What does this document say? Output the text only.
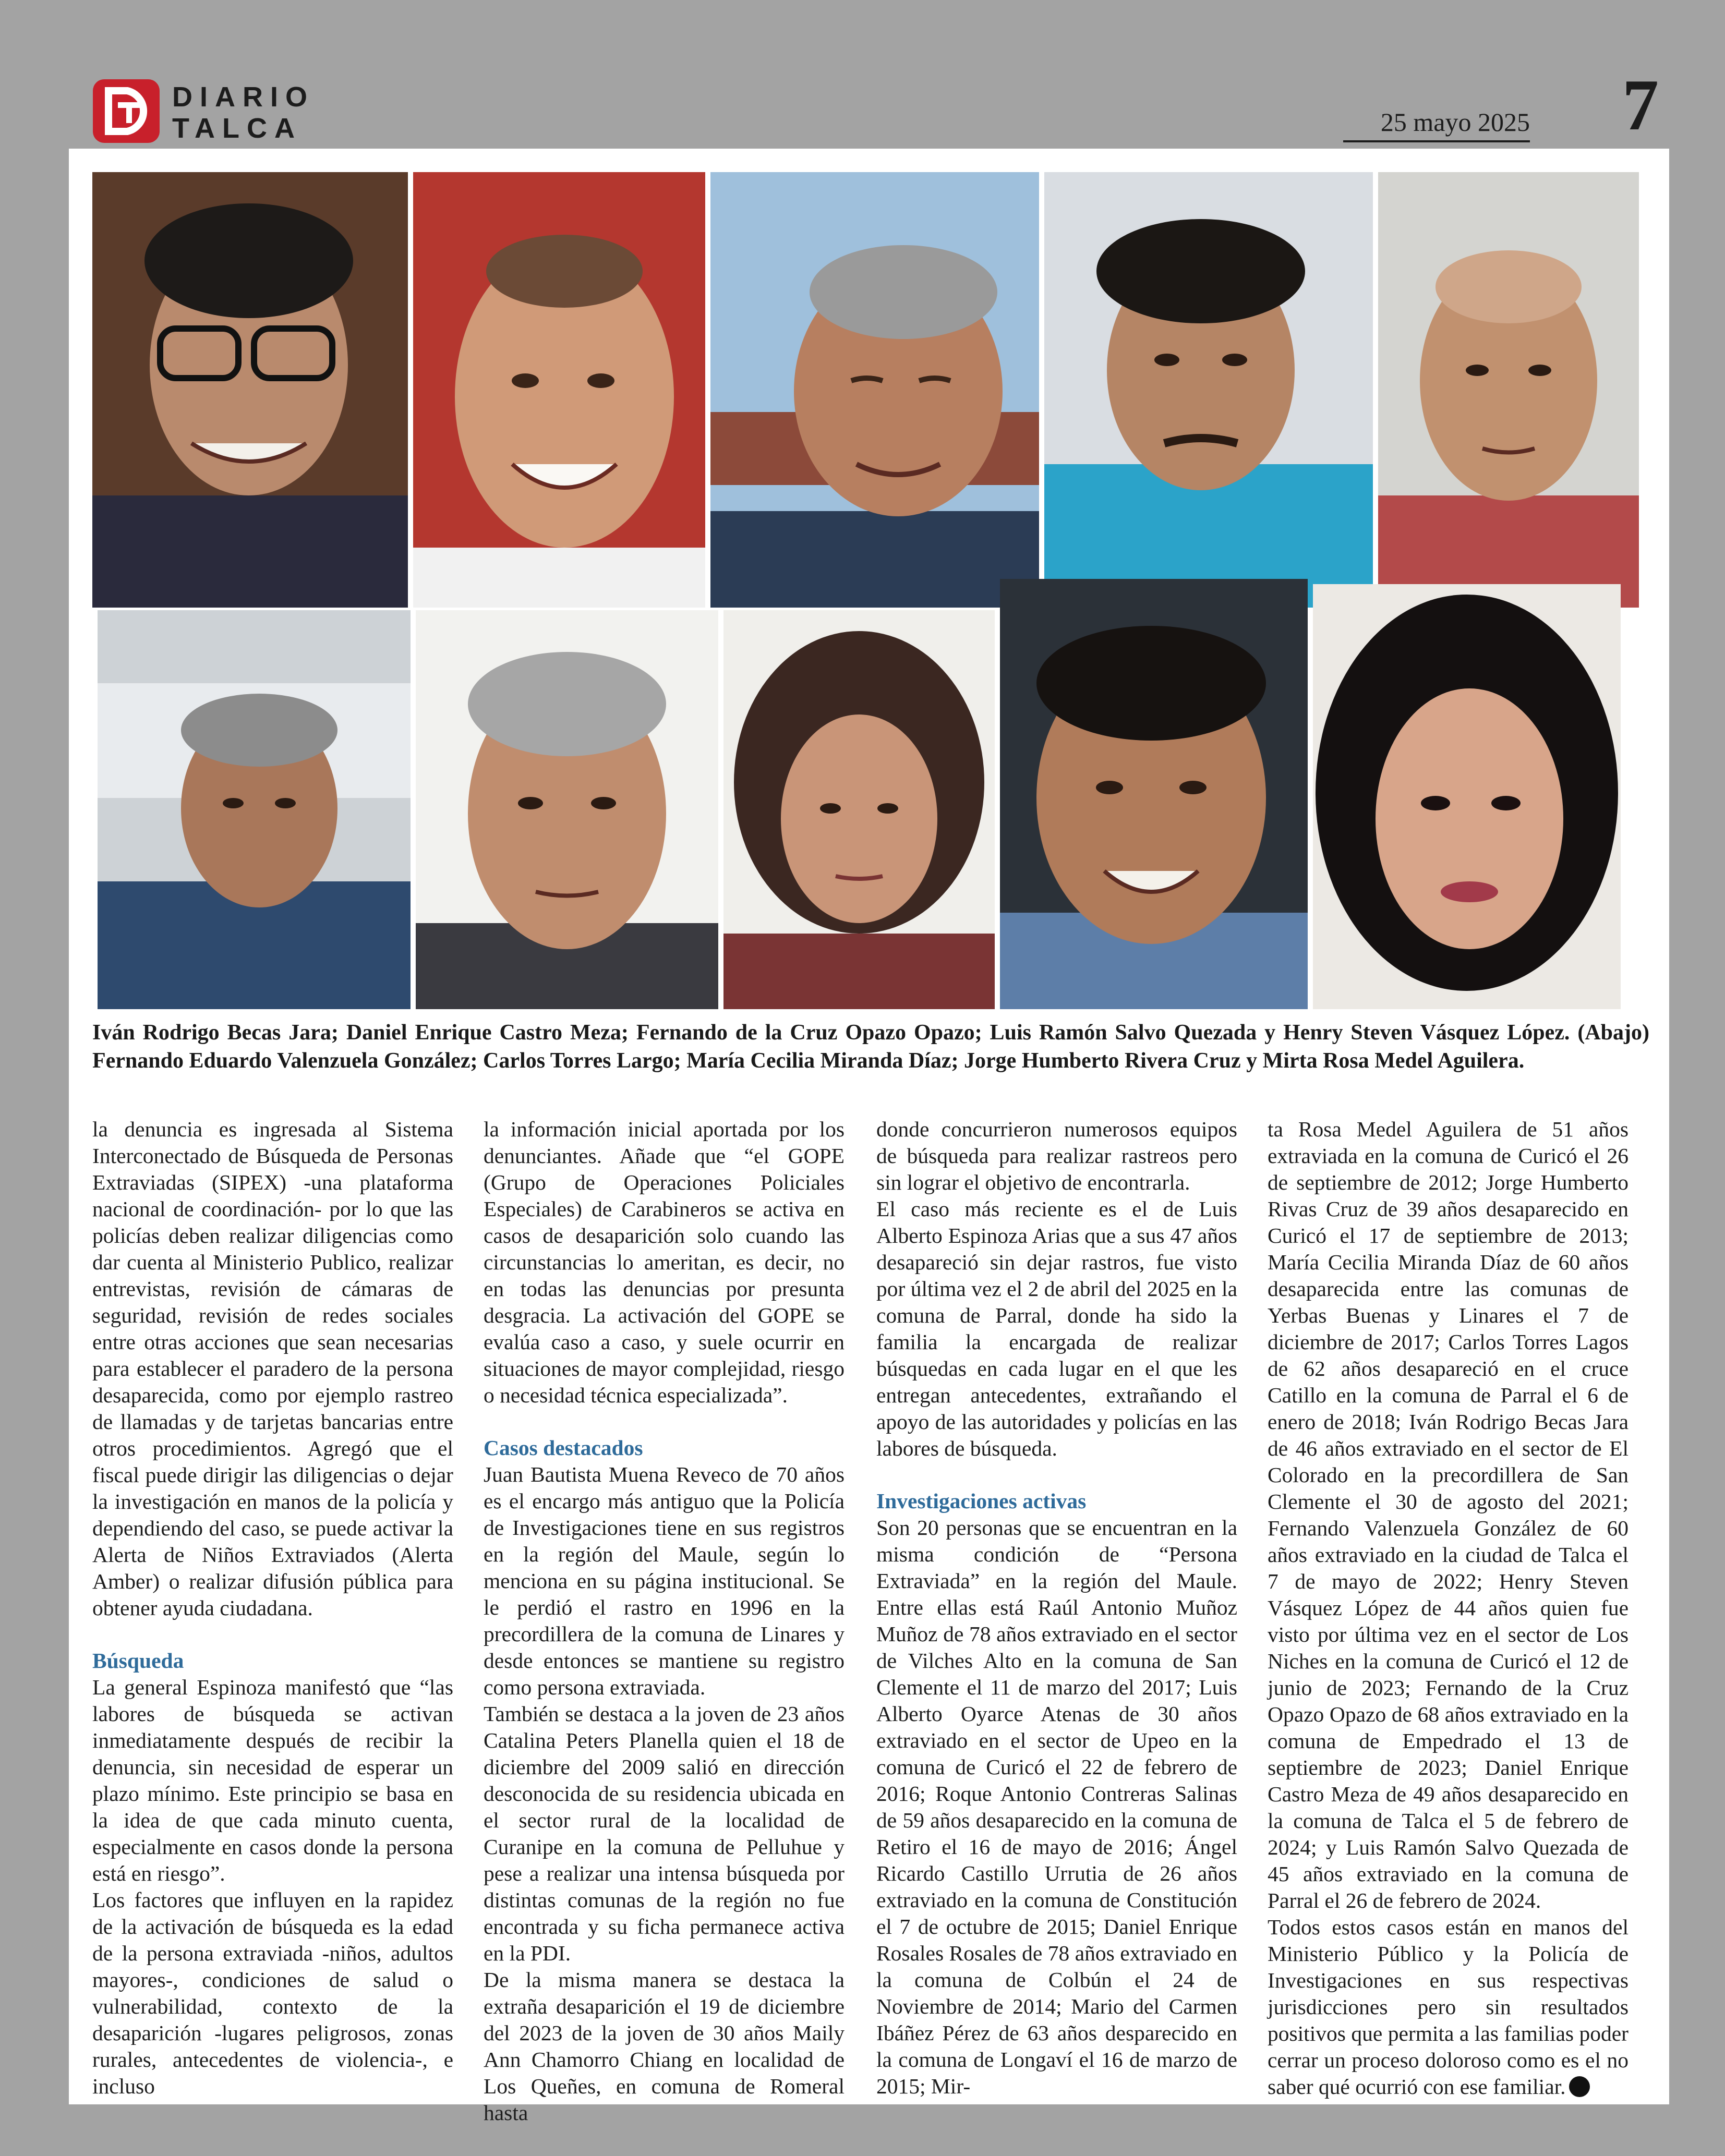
DIARIO
TALCA	25 mayo 2025	7
Iván Rodrigo Becas Jara; Daniel Enrique Castro Meza; Fernando de la Cruz Opazo Opazo; Luis Ramón Salvo Quezada y Henry Steven Vásquez López. (Abajo) Fernando Eduardo Valenzuela González; Carlos Torres Largo; María Cecilia Miranda Díaz; Jorge Humberto Rivera Cruz y Mirta Rosa Medel Aguilera.

la denuncia es ingresada al Sistema Interconectado de Búsqueda de Personas Extraviadas (SIPEX) -una plataforma nacional de coordinación- por lo que las policías deben realizar diligencias como dar cuenta al Ministerio Publico, realizar entrevistas, revisión de cámaras de seguridad, revisión de redes sociales entre otras acciones que sean necesarias para establecer el paradero de la persona desaparecida, como por ejemplo rastreo de llamadas y de tarjetas bancarias entre otros procedimientos. Agregó que el fiscal puede dirigir las diligencias o dejar la investigación en manos de la policía y dependiendo del caso, se puede activar la Alerta de Niños Extraviados (Alerta Amber) o realizar difusión pública para obtener ayuda ciudadana.

Búsqueda

La general Espinoza manifestó que “las labores de búsqueda se activan inmediatamente después de recibir la denuncia, sin necesidad de esperar un plazo mínimo. Este principio se basa en la idea de que cada minuto cuenta, especialmente en casos donde la persona está en riesgo”.

Los factores que influyen en la rapidez de la activación de búsqueda es la edad de la persona extraviada -niños, adultos mayores-, condiciones de salud o vulnerabilidad, contexto de la desaparición -lugares peligrosos, zonas rurales, antecedentes de violencia-, e incluso

la información inicial aportada por los denunciantes. Añade que “el GOPE (Grupo de Operaciones Policiales Especiales) de Carabineros se activa en casos de desaparición solo cuando las circunstancias lo ameritan, es decir, no en todas las denuncias por presunta desgracia. La activación del GOPE se evalúa caso a caso, y suele ocurrir en situaciones de mayor complejidad, riesgo o necesidad técnica especializada”.

Casos destacados

Juan Bautista Muena Reveco de 70 años es el encargo más antiguo que la Policía de Investigaciones tiene en sus registros en la región del Maule, según lo menciona en su página institucional. Se le perdió el rastro en 1996 en la precordillera de la comuna de Linares y desde entonces se mantiene su registro como persona extraviada.

También se destaca a la joven de 23 años Catalina Peters Planella quien el 18 de diciembre del 2009 salió en dirección desconocida de su residencia ubicada en el sector rural de la localidad de Curanipe en la comuna de Pelluhue y pese a realizar una intensa búsqueda por distintas comunas de la región no fue encontrada y su ficha permanece activa en la PDI.

De la misma manera se destaca la extraña desaparición el 19 de diciembre del 2023 de la joven de 30 años Maily Ann Chamorro Chiang en localidad de Los Queñes, en comuna de Romeral hasta

donde concurrieron numerosos equipos de búsqueda para realizar rastreos pero sin lograr el objetivo de encontrarla.

El caso más reciente es el de Luis Alberto Espinoza Arias que a sus 47 años desapareció sin dejar rastros, fue visto por última vez el 2 de abril del 2025 en la comuna de Parral, donde ha sido la familia la encargada de realizar búsquedas en cada lugar en el que les entregan antecedentes, extrañando el apoyo de las autoridades y policías en las labores de búsqueda.

Investigaciones activas

Son 20 personas que se encuentran en la misma condición de “Persona Extraviada” en la región del Maule. Entre ellas está Raúl Antonio Muñoz Muñoz de 78 años extraviado en el sector de Vilches Alto en la comuna de San Clemente el 11 de marzo del 2017; Luis Alberto Oyarce Atenas de 30 años extraviado en el sector de Upeo en la comuna de Curicó el 22 de febrero de 2016; Roque Antonio Contreras Salinas de 59 años desaparecido en la comuna de Retiro el 16 de mayo de 2016; Ángel Ricardo Castillo Urrutia de 26 años extraviado en la comuna de Constitución el 7 de octubre de 2015; Daniel Enrique Rosales Rosales de 78 años extraviado en la comuna de Colbún el 24 de Noviembre de 2014; Mario del Carmen Ibáñez Pérez de 63 años desparecido en la comuna de Longaví el 16 de marzo de 2015; Mir-

ta Rosa Medel Aguilera de 51 años extraviada en la comuna de Curicó el 26 de septiembre de 2012; Jorge Humberto Rivas Cruz de 39 años desaparecido en Curicó el 17 de septiembre de 2013; María Cecilia Miranda Díaz de 60 años desaparecida entre las comunas de Yerbas Buenas y Linares el 7 de diciembre de 2017; Carlos Torres Lagos de 62 años desapareció en el cruce Catillo en la comuna de Parral el 6 de enero de 2018; Iván Rodrigo Becas Jara de 46 años extraviado en el sector de El Colorado en la precordillera de San Clemente el 30 de agosto del 2021; Fernando Valenzuela González de 60 años extraviado en la ciudad de Talca el 7 de mayo de 2022; Henry Steven Vásquez López de 44 años quien fue visto por última vez en el sector de Los Niches en la comuna de Curicó el 12 de junio de 2023; Fernando de la Cruz Opazo Opazo de 68 años extraviado en la comuna de Empedrado el 13 de septiembre de 2023; Daniel Enrique Castro Meza de 49 años desaparecido en la comuna de Talca el 5 de febrero de 2024; y Luis Ramón Salvo Quezada de 45 años extraviado en la comuna de Parral el 26 de febrero de 2024.

Todos estos casos están en manos del Ministerio Público y la Policía de Investigaciones en sus respectivas jurisdicciones pero sin resultados positivos que permita a las familias poder cerrar un proceso doloroso como es el no saber qué ocurrió con ese familiar.
